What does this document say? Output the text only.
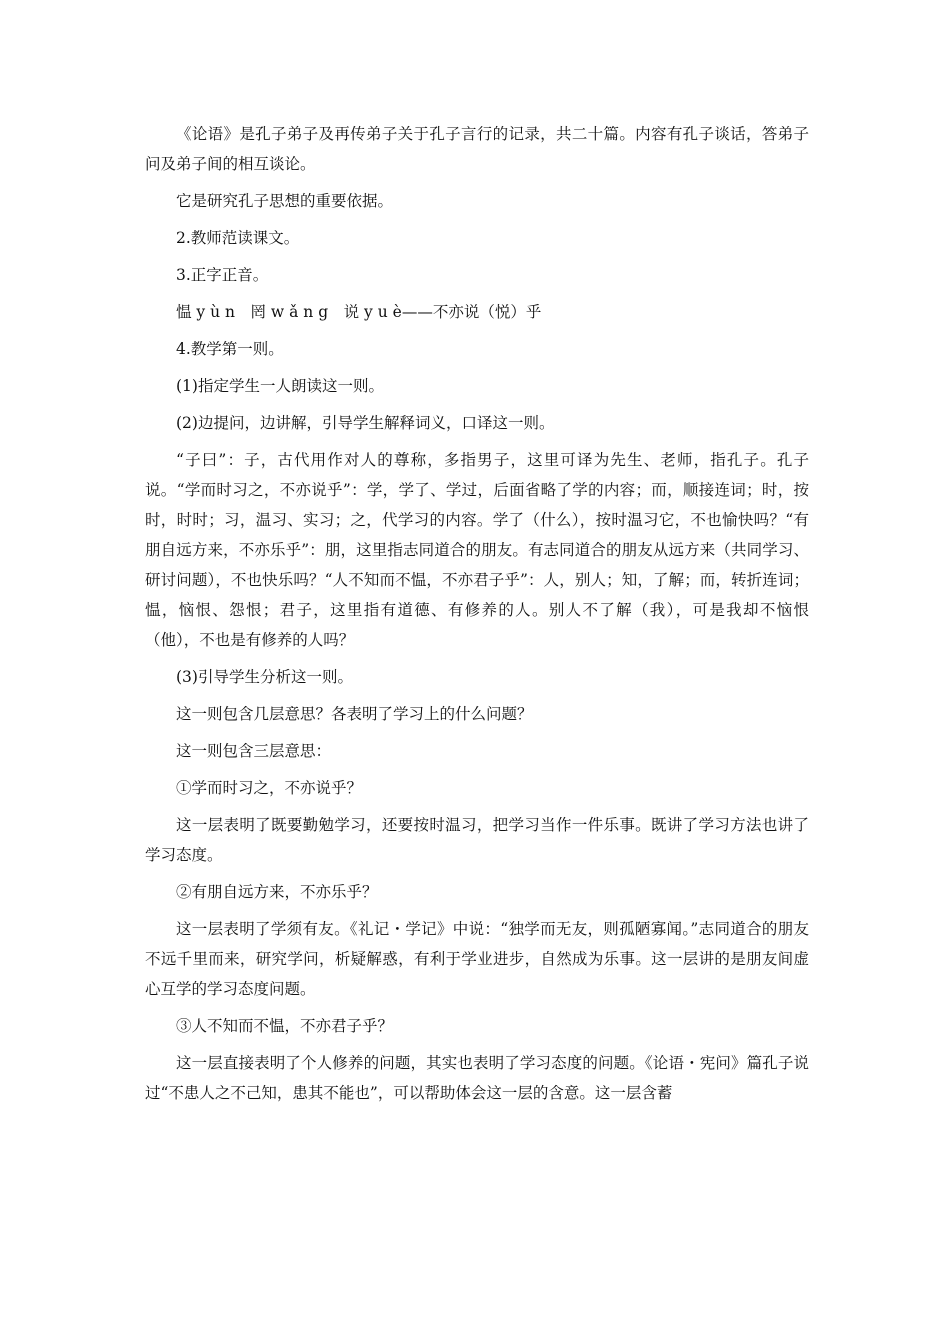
《论语》是孔子弟子及再传弟子关于孔子言行的记录，共二十篇。内容有孔子谈话，答弟子问及弟子间的相互谈论。

它是研究孔子思想的重要依据。

2.教师范读课文。

3.正字正音。

愠 y ù n　罔 w ǎ n g　说 y u è——不亦说（悦）乎

4.教学第一则。

(1)指定学生一人朗读这一则。

(2)边提问，边讲解，引导学生解释词义，口译这一则。

“子曰”：子，古代用作对人的尊称，多指男子，这里可译为先生、老师，指孔子。孔子说。“学而时习之，不亦说乎”：学，学了、学过，后面省略了学的内容；而，顺接连词；时，按时，时时；习，温习、实习；之，代学习的内容。学了（什么），按时温习它，不也愉快吗？“有朋自远方来，不亦乐乎”：朋，这里指志同道合的朋友。有志同道合的朋友从远方来（共同学习、研讨问题），不也快乐吗？“人不知而不愠，不亦君子乎”：人，别人；知，了解；而，转折连词；愠，恼恨、怨恨；君子，这里指有道德、有修养的人。别人不了解（我），可是我却不恼恨（他），不也是有修养的人吗？

(3)引导学生分析这一则。

这一则包含几层意思？各表明了学习上的什么问题？

这一则包含三层意思：

①学而时习之，不亦说乎？

这一层表明了既要勤勉学习，还要按时温习，把学习当作一件乐事。既讲了学习方法也讲了学习态度。

②有朋自远方来，不亦乐乎？

这一层表明了学须有友。《礼记・学记》中说：“独学而无友，则孤陋寡闻。”志同道合的朋友不远千里而来，研究学问，析疑解惑，有利于学业进步，自然成为乐事。这一层讲的是朋友间虚心互学的学习态度问题。

③人不知而不愠，不亦君子乎？

这一层直接表明了个人修养的问题，其实也表明了学习态度的问题。《论语・宪问》篇孔子说过“不患人之不己知，患其不能也”，可以帮助体会这一层的含意。这一层含蓄
